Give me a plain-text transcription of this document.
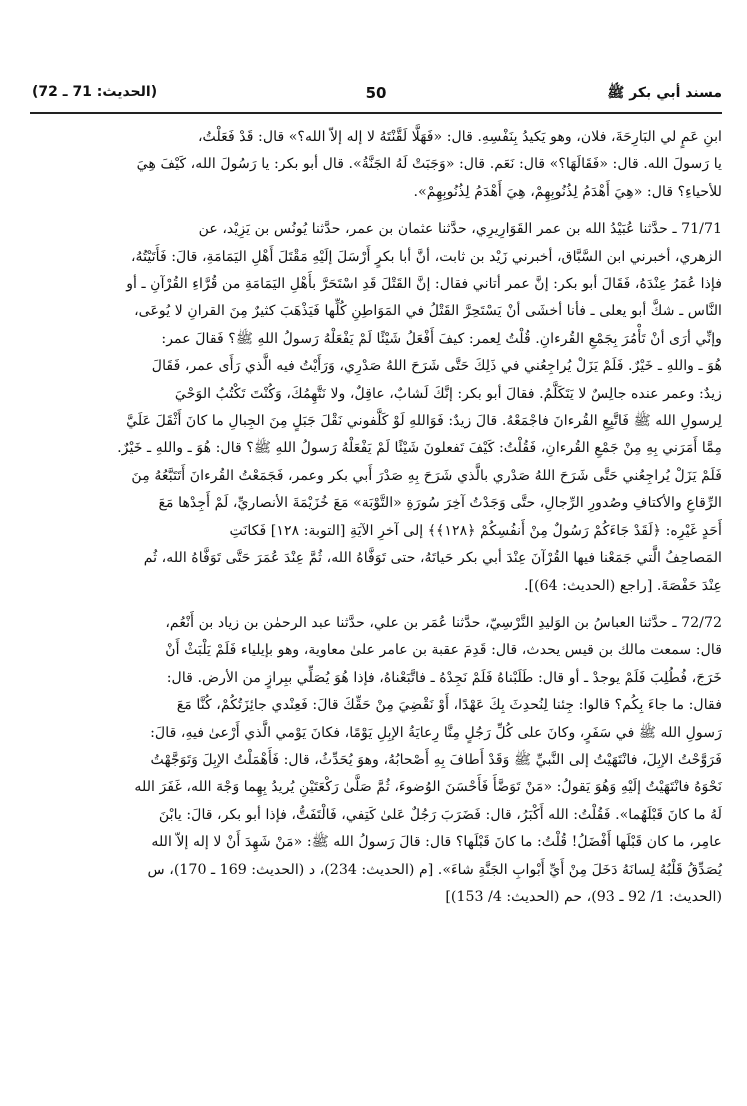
مسند أبي بكر ﷺ
50
(الحديث: 71 ـ 72)

ابنِ عَمٍ لي البَارِحَةَ، فلان، وهو يَكيدُ بِنَفْسِهِ. قال: «فَهَلَّا لَقَّنْتَهُ لا إله إلاّ الله؟» قال: قَدْ فَعَلْتُ،
يا رَسولَ الله. قال: «فَقَالَهَا؟» قال: نَعَم. قال: «وَجَبَتْ لَهُ الجَنَّةُ». قال أبو بكر: يا رَسُولَ الله، كَيْفَ هِيَ
للأحياءِ؟ قال: «هِيَ أَهْدَمُ لِذُنُوبِهِمْ، هِيَ أَهْدَمُ لِذُنُوبِهِمْ».

71/71 ـ حدَّثنا عُبَيْدُ الله بن عمر القَوَارِيرِي، حدَّثنا عثمان بن عمر، حدَّثنا يُونُس بن يَزِيْد، عن
الزهري، أخبرني ابن السَّبَّاق، أخبرني زَيْد بن ثابت، أنَّ أبا بكرٍ أَرْسَلَ إلَيْهِ مَقْتَلَ أَهْلِ اليَمَامَةِ، قالَ: فَأَتَيْتُهُ،
فإذا عُمَرُ عِنْدَهُ، فَقَالَ أبو بكر: إنَّ عمر أتاني فقال: إنَّ القَتْلَ قَدِ اسْتَحَرَّ بأَهْلِ اليَمَامَةِ من قُرَّاءِ القُرْآنِ ـ أو
النَّاس ـ شكَّ أبو يعلى ـ فأنا أخشَى أنْ يَسْتَحِرَّ القَتْلُ في المَوَاطِنِ كُلِّها فَيَذْهَبَ كثيرٌ مِنَ القرانِ لا يُوعَى،
وإنِّي أرَى أنْ تَأْمُرَ بِجَمْعِ القُرءانِ. قُلْتُ لِعمر: كيفَ أَفْعَلُ شَيْئًا لَمْ يَفْعَلْهُ رَسولُ اللهِ ﷺ؟ فَقالَ عمر:
هُوَ ـ واللهِ ـ خَيْرٌ. فَلَمْ يَزَلْ يُراجِعُني في ذَلِكَ حَتَّى شَرَحَ اللهُ صَدْرِي، وَرَأَيْتُ فيه الَّذي رَأَى عمر، فَقَالَ
زيدٌ: وعمر عنده جالِسٌ لا يَتَكَلَّمُ. فقالَ أبو بكر: إنَّكَ لَشابٌ، عاقِلٌ، ولا نَتَّهِمُكَ، وَكُنْتَ تَكْتُبُ الوَحْيَ
لِرسولِ الله ﷺ فَاتَّبِعِ القُرءانَ فاجْمَعْهُ. قالَ زيدٌ: فَوَاللهِ لَوْ كَلَّفوني نَقْلَ جَبَلٍ مِنَ الجِبالِ ما كانَ أَثْقَلَ عَلَيَّ
مِمَّا أَمَرَني بِهِ مِنْ جَمْعِ القُرءانِ، فَقُلْتُ: كَيْفَ تَفعلونَ شَيْئًا لَمْ يَفْعَلْهُ رَسولُ اللهِ ﷺ؟ قال: هُوَ ـ واللهِ ـ خَيْرٌ.
فَلَمْ يَزَلْ يُراجِعُني حَتَّى شَرَحَ اللهُ صَدْري بالَّذي شَرَحَ بِهِ صَدْرَ أَبي بكر وعمر، فَجَمَعْتُ القُرءانَ أَتَتَبَّعُهُ مِنَ
الرِّقاعِ والأكتافِ وصُدورِ الرِّجالِ، حتَّى وَجَدْتُ آخِرَ سُورَةِ «التَّوْبَة» مَعَ خُزَيْمَةَ الأنصاريِّ، لَمْ أَجِدْها مَعَ
أَحَدٍ غَيْرِه: ﴿لَقَدْ جَاءَكُمْ رَسُولٌ مِنْ أَنفُسِكُمْ ﴿١٢٨﴾﴾ إلى آخرِ الآيَةِ [التوبة: ١٢٨] فَكانَتِ
المَصاحِفُ الَّتي جَمَعْنا فيها القُرْآنَ عِنْدَ أبي بكر حَياتَهُ، حتى تَوَفَّاهُ الله، ثُمَّ عِنْدَ عُمَرَ حَتَّى تَوَفَّاهُ الله، ثُم
عِنْدَ حَفْصَةَ. [راجع (الحديث: 64)].

72/72 ـ حدَّثنا العباسُ بن الوَليدِ النَّرْسِيّ، حدَّثنا عُمَر بن علي، حدَّثنا عبد الرحمٰن بن زياد بن أَنْعُم،
قال: سمعت مالك بن قيس يحدث، قال: قَدِمَ عقبة بن عامر علىٰ معاوية، وهو بإيلياء فَلَمْ يَلْبَثْ أَنْ
خَرَجَ، فُطُلِبَ فَلَمْ يوجدْ ـ أو قال: طَلَبْناهُ فَلَمْ نَجِدْهُ ـ فاتَّبَعْناهُ، فإذا هُوَ يُصَلِّي ببِرازٍ من الأرض. قال:
فقال: ما جاءَ بِكُم؟ قالوا: جِئنا لِنُحدِثَ بِكَ عَهْدًا، أَوْ نَقْضِيَ مِنْ حَقِّكَ قالَ: فَعِنْدي جائِزَتُكُمْ، كُنَّا مَعَ
رَسولِ الله ﷺ في سَفَرٍ، وكانَ على كُلِّ رَجُلٍ مِنَّا رِعايَةُ الإبِلِ يَوْمًا، فكانَ يَوْمي الَّذي أَرْعىٰ فيهِ، قالَ:
فَرَوَّحْتُ الإبِلَ، فانْتَهَيْتُ إلى النَّبيِّ ﷺ وَقَدْ أَطافَ بِهِ أَصْحابُهُ، وهوَ يُحَدِّثُ، قال: فَأَهْمَلْتُ الإبِلَ وَتَوَجَّهْتُ
نَحْوَهُ فانْتَهَيْتُ إلَيْهِ وَهُوَ يَقولُ: «مَنْ تَوَضَّأَ فَأَحْسَنَ الوُضوءَ، ثُمَّ صَلَّىٰ رَكْعَتَيْنِ يُريدُ بِهِما وَجْهَ الله، غَفَرَ الله
لَهُ ما كانَ قَبْلَهُما». فَقُلْتُ: الله أَكْبَرُ، قال: فَضَرَبَ رَجُلٌ عَلىٰ كَتِفي، فَالْتَفَتُّ، فإذا أبو بكر، قالَ: يابْنَ
عامِر، ما كان قَبْلَها أَفْضَلُ! قُلْتُ: ما كانَ قَبْلَها؟ قال: قالَ رَسولُ الله ﷺ: «مَنْ شَهِدَ أَنْ لا إله إلاّ الله
يُصَدِّقُ قَلْبُهُ لِسانَهُ دَخَلَ مِنْ أَيِّ أَبْوابِ الجَنَّةِ شاءَ». [م (الحديث: 234)، د (الحديث: 169 ـ 170)، س
(الحديث: 1/ 92 ـ 93)، حم (الحديث: 4/ 153)]
